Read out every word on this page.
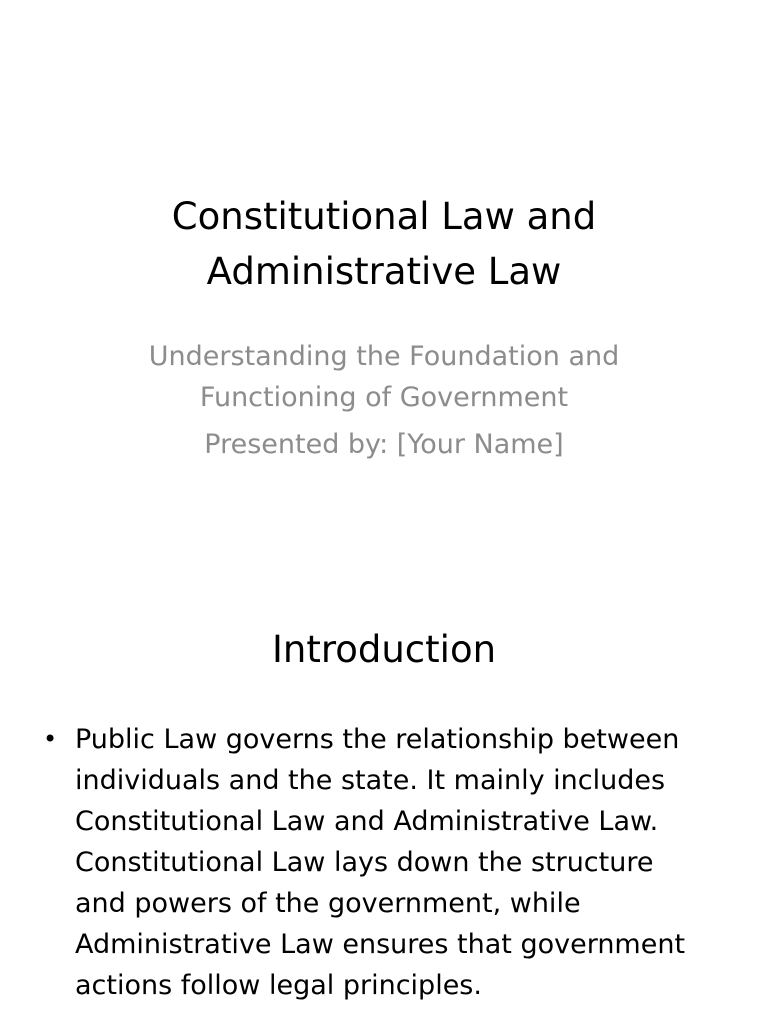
Constitutional Law and
Administrative Law
Understanding the Foundation and
Functioning of Government
Presented by: [Your Name]
Introduction
• Public Law governs the relationship between
individuals and the state. It mainly includes
Constitutional Law and Administrative Law.
Constitutional Law lays down the structure
and powers of the government, while
Administrative Law ensures that government
actions follow legal principles.
